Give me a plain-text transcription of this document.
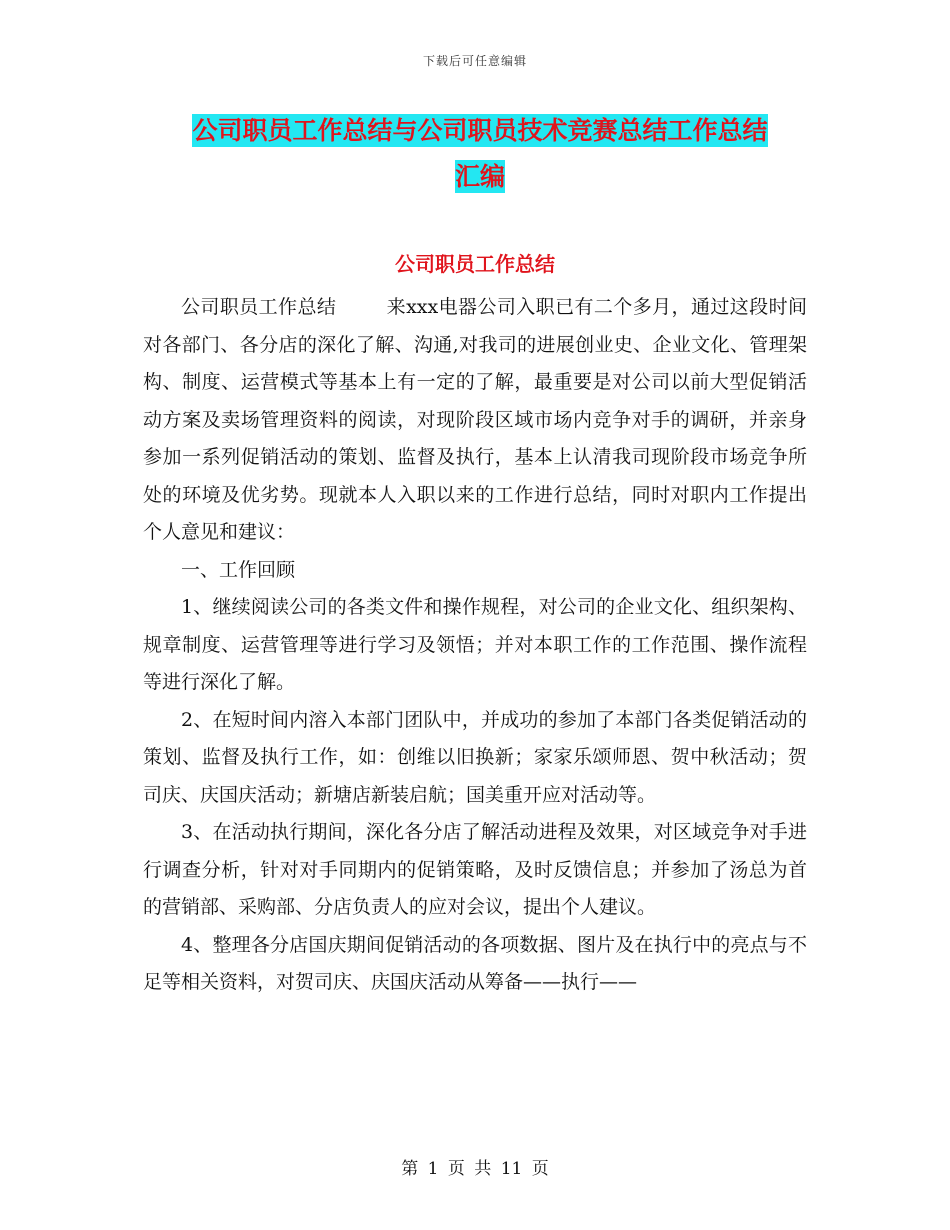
下载后可任意编辑
公司职员工作总结与公司职员技术竞赛总结工作总结
汇编
公司职员工作总结

公司职员工作总结	来xxx电器公司入职已有二个多月，通过这段时间对各部门、各分店的深化了解、沟通,对我司的进展创业史、企业文化、管理架构、制度、运营模式等基本上有一定的了解，最重要是对公司以前大型促销活动方案及卖场管理资料的阅读，对现阶段区域市场内竞争对手的调研，并亲身参加一系列促销活动的策划、监督及执行，基本上认清我司现阶段市场竞争所处的环境及优劣势。现就本人入职以来的工作进行总结，同时对职内工作提出个人意见和建议：

一、工作回顾

1、继续阅读公司的各类文件和操作规程，对公司的企业文化、组织架构、规章制度、运营管理等进行学习及领悟；并对本职工作的工作范围、操作流程等进行深化了解。

2、在短时间内溶入本部门团队中，并成功的参加了本部门各类促销活动的策划、监督及执行工作，如：创维以旧换新；家家乐颂师恩、贺中秋活动；贺司庆、庆国庆活动；新塘店新装启航；国美重开应对活动等。

3、在活动执行期间，深化各分店了解活动进程及效果，对区域竞争对手进行调查分析，针对对手同期内的促销策略，及时反馈信息；并参加了汤总为首的营销部、采购部、分店负责人的应对会议，提出个人建议。

4、整理各分店国庆期间促销活动的各项数据、图片及在执行中的亮点与不足等相关资料，对贺司庆、庆国庆活动从筹备——执行——

第 1 页 共 11 页
